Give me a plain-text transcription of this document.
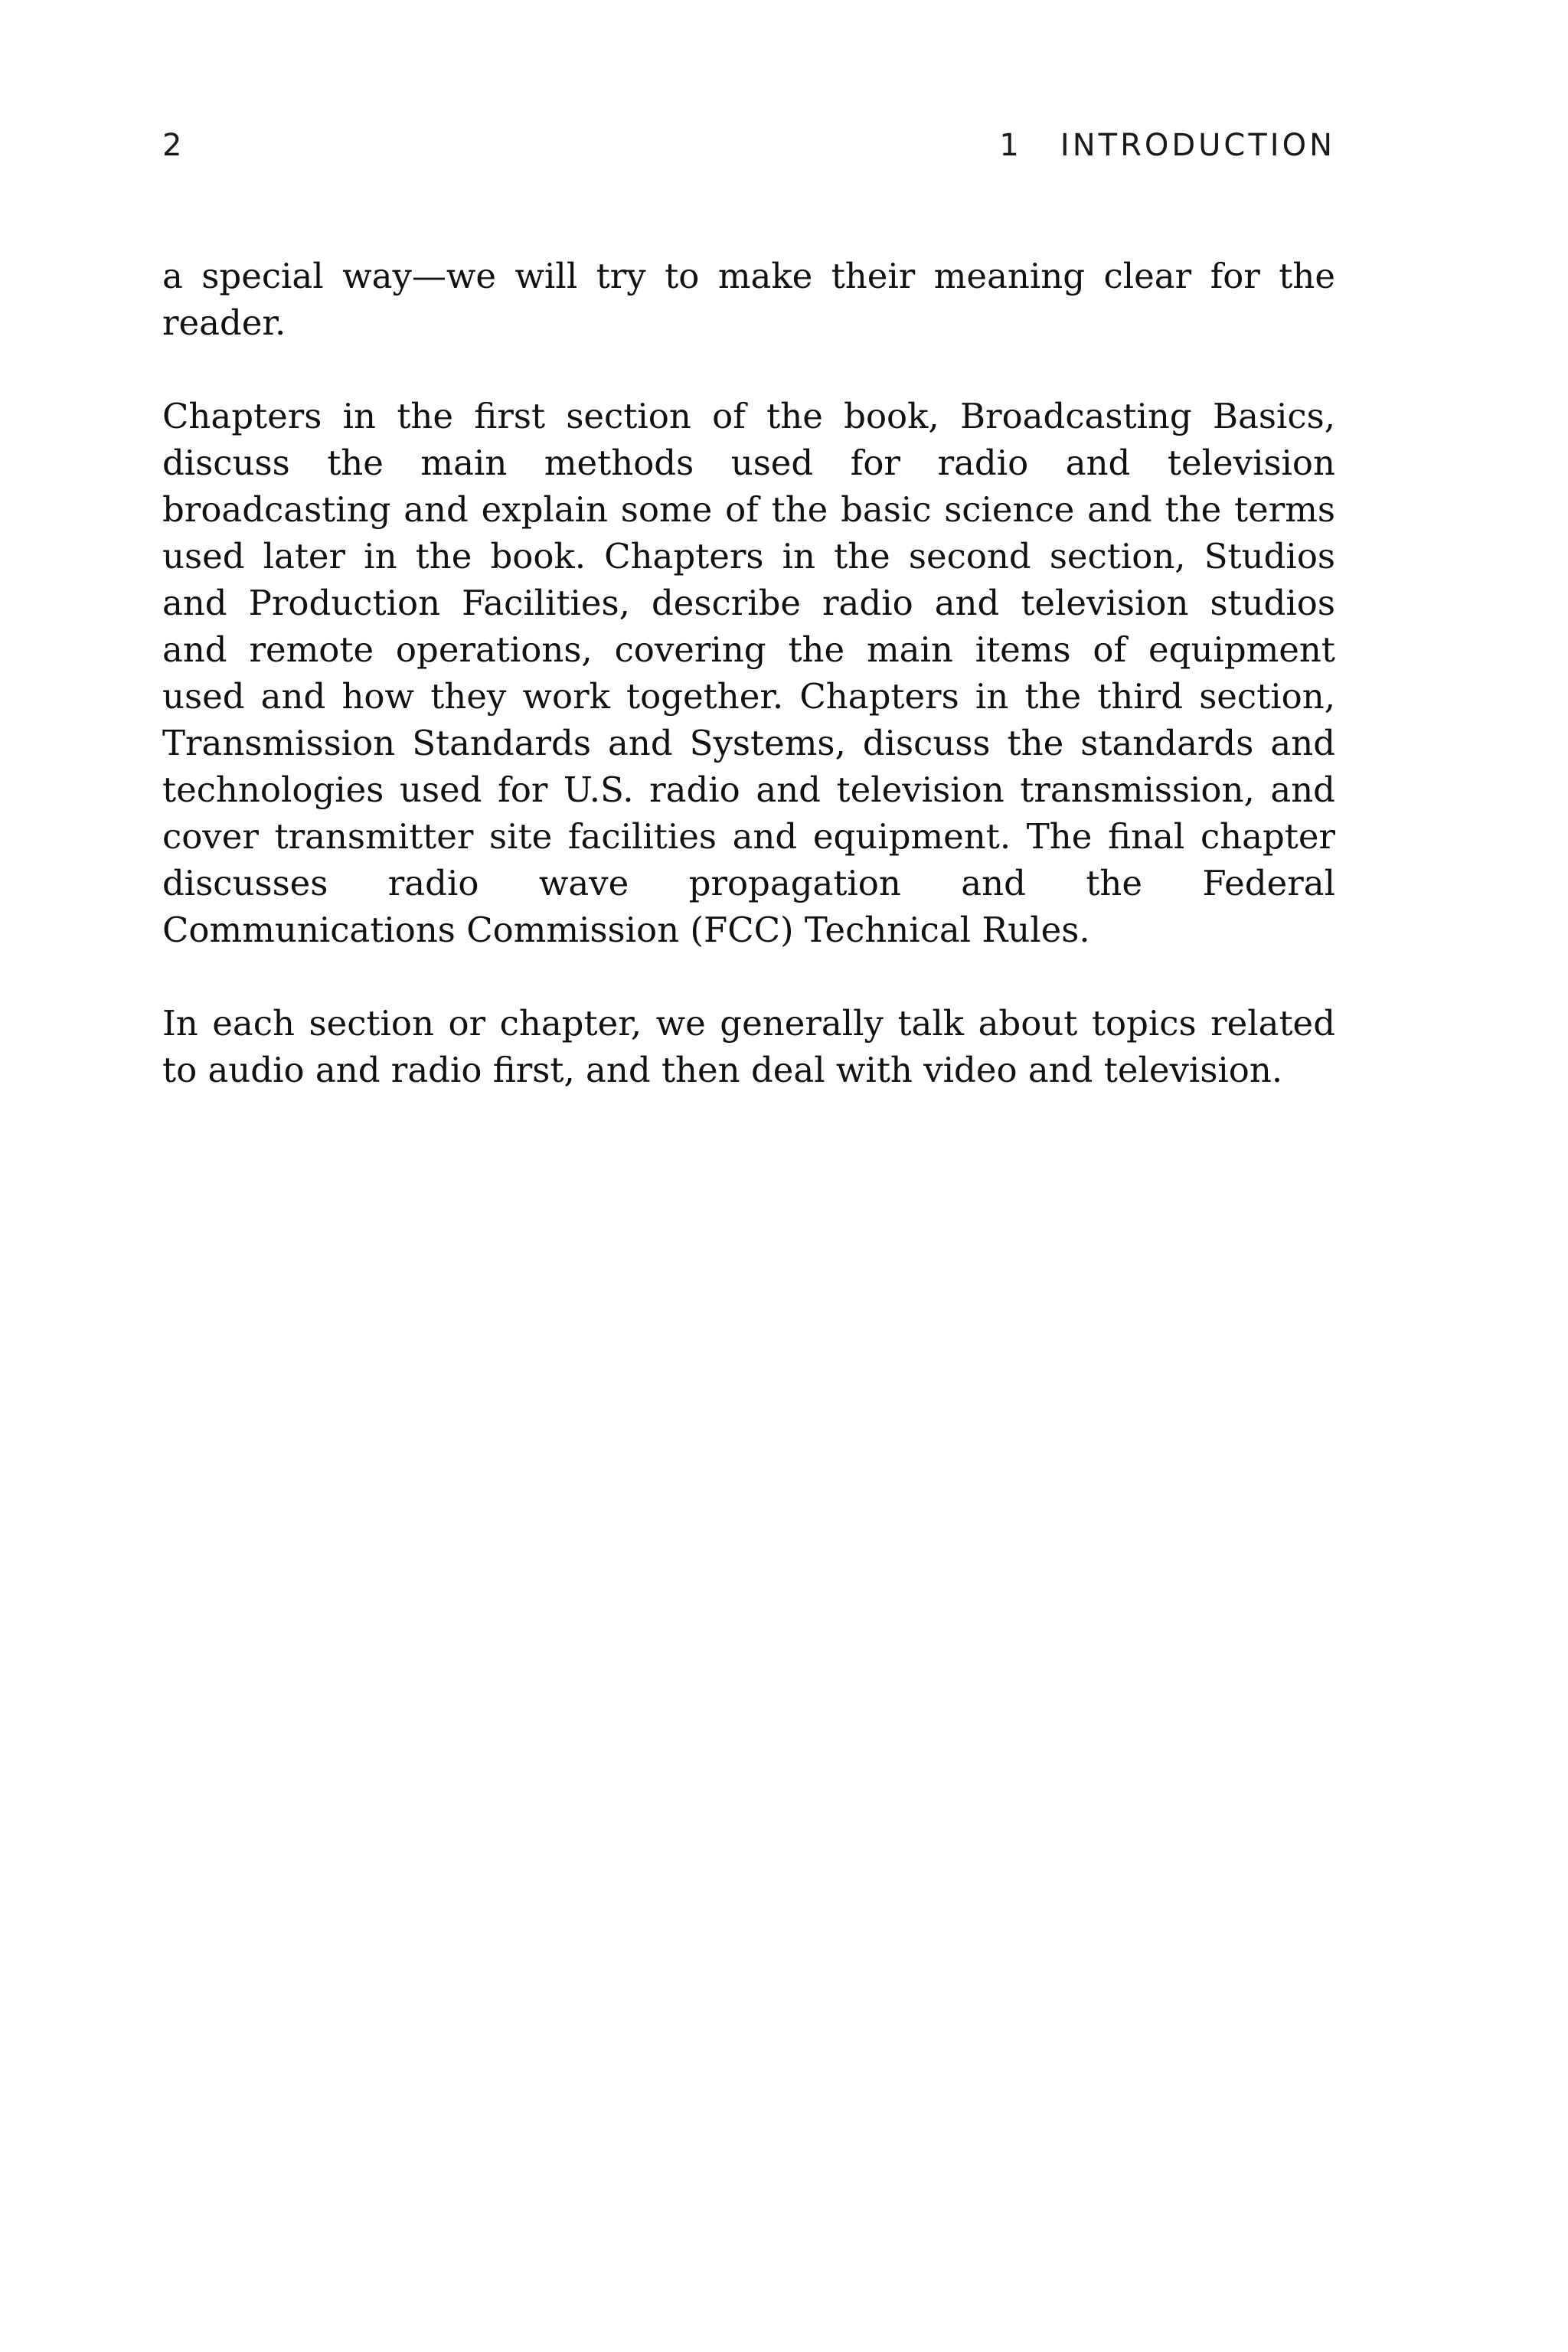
2	1 INTRODUCTION

a special way—we will try to make their meaning clear for the reader.

Chapters in the first section of the book, Broadcasting Basics, discuss the main methods used for radio and television broadcasting and explain some of the basic science and the terms used later in the book. Chapters in the second section, Studios and Production Facilities, describe radio and television studios and remote operations, covering the main items of equipment used and how they work together. Chapters in the third section, Transmission Standards and Systems, discuss the standards and technologies used for U.S. radio and television transmission, and cover transmitter site facilities and equipment. The final chapter discusses radio wave propagation and the Federal Communications Commission (FCC) Technical Rules.

In each section or chapter, we generally talk about topics related to audio and radio first, and then deal with video and television.
